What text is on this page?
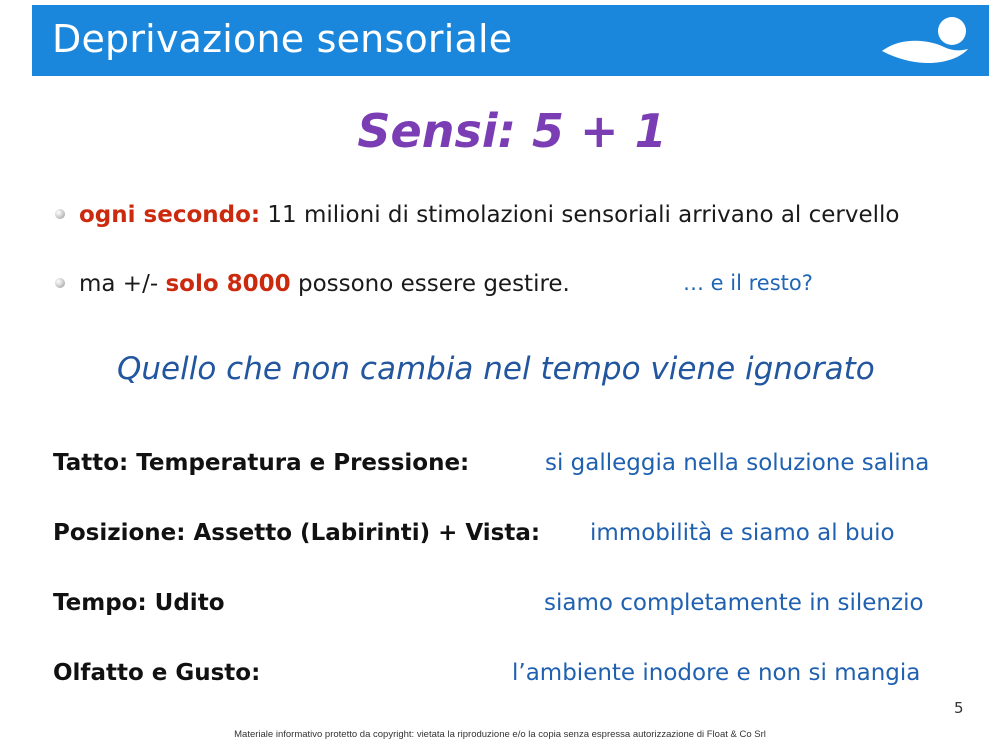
Deprivazione sensoriale
Sensi: 5 + 1
ogni secondo: 11 milioni di stimolazioni sensoriali arrivano al cervello
ma +/- solo 8000 possono essere gestire.	… e il resto?
Quello che non cambia nel tempo viene ignorato
Tatto: Temperatura e Pressione:	si galleggia nella soluzione salina
Posizione: Assetto (Labirinti) + Vista: immobilità e siamo al buio
Tempo: Udito	siamo completamente in silenzio
Olfatto e Gusto:	l’ambiente inodore e non si mangia
5
Materiale informativo protetto da copyright: vietata la riproduzione e/o la copia senza espressa autorizzazione di Float & Co Srl
